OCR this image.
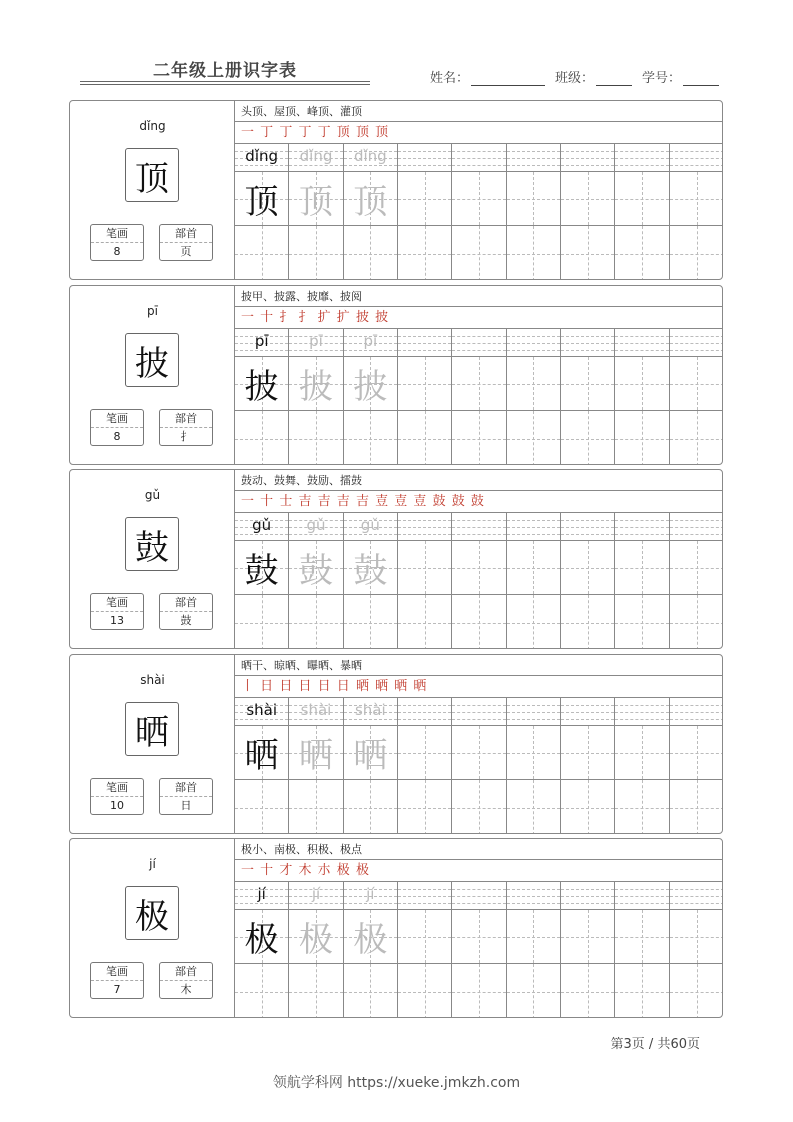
二年级上册识字表	姓名：	班级：	学号：
dǐng
顶
笔画
8
部首
页
头顶、屋顶、峰顶、灌顶
一 丁 丁 丁 丁 顶 顶 顶
dǐng
顶
dǐng
顶
dǐng
顶
pī
披
笔画
8
部首
扌
披甲、披露、披靡、披阅
一 十 扌 扌 扩 扩 披 披
pī
披
pī
披
pī
披
gǔ
鼓
笔画
13
部首
鼓
鼓动、鼓舞、鼓励、擂鼓
一 十 士 吉 吉 吉 吉 壴 壴 壴 鼓 鼓 鼓
gǔ
鼓
gǔ
鼓
gǔ
鼓
shài
晒
笔画
10
部首
日
晒干、晾晒、曝晒、暴晒
丨 日 日 日 日 日 晒 晒 晒 晒
shài
晒
shài
晒
shài
晒
jí
极
笔画
7
部首
木
极小、南极、积极、极点
一 十 才 木 朩 极 极
jí
极
jí
极
jí
极
第3页 / 共60页
领航学科网 https://xueke.jmkzh.com
